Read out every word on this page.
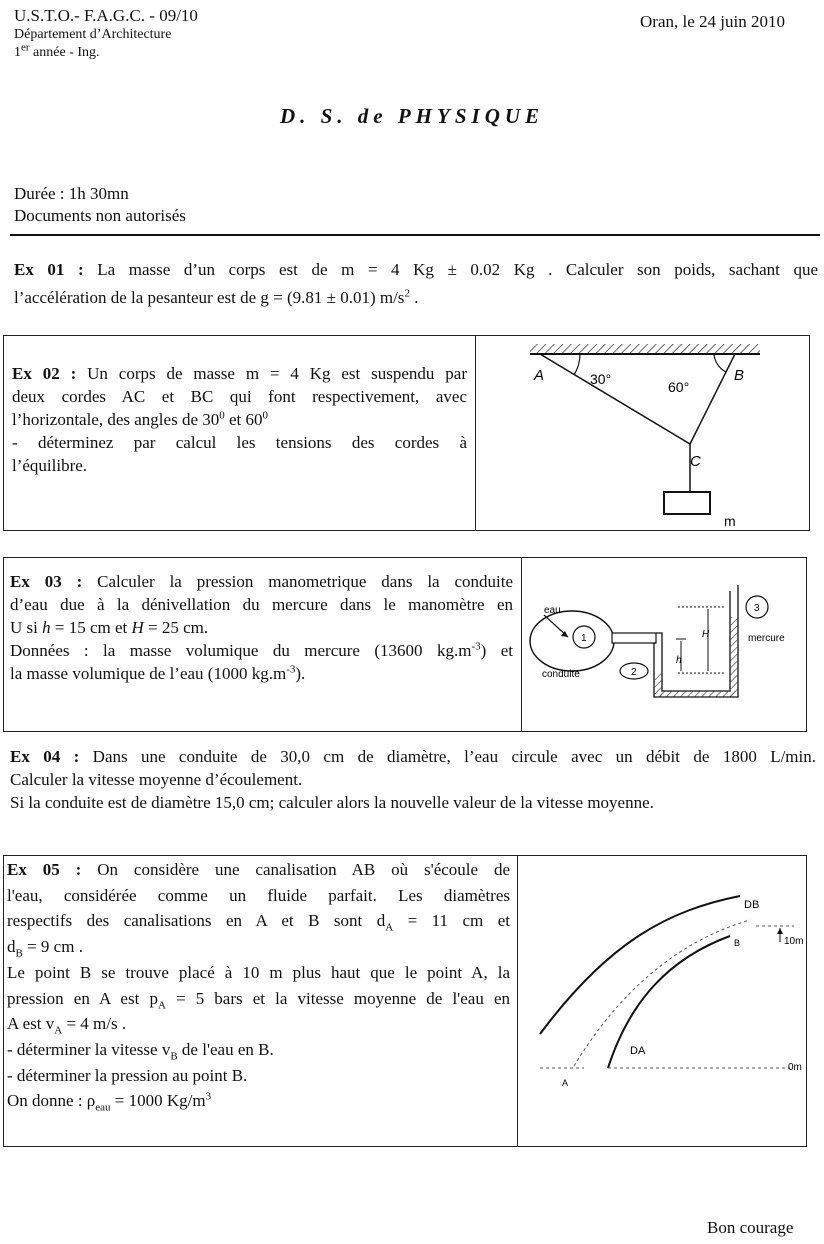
U.S.T.O.- F.A.G.C. - 09/10
Département d’Architecture
1er année - Ing.
Oran, le 24 juin 2010
D. S. de PHYSIQUE
Durée : 1h 30mn
Documents non autorisés
Ex 01 : La masse d’un corps est de m = 4 Kg ± 0.02 Kg . Calculer son poids, sachant que
l’accélération de la pesanteur est de g = (9.81 ± 0.01) $m/s^2$ .
Ex 02 : Un corps de masse m = 4 Kg est suspendu par
deux cordes AC et BC qui font respectivement, avec
l’horizontale, des angles de $30^0$ et $60^0$
- déterminez par calcul les tensions des cordes à
l’équilibre.
A	B
C
m
30°	60°
Ex 03 : Calculer la pression manometrique dans la conduite
d’eau due à la dénivellation du mercure dans le manomètre en
U si h = 15 cm et H = 25 cm.
Données : la masse volumique du mercure (13600 $kg.m^{-3}$) et
la masse volumique de l’eau (1000 $kg.m^{-3}$).
1
eau
conduite
H
h
3
mercure
2
Ex 04 : Dans une conduite de 30,0 cm de diamètre, l’eau circule avec un débit de 1800 L/min.
Calculer la vitesse moyenne d’écoulement.
Si la conduite est de diamètre 15,0 cm; calculer alors la nouvelle valeur de la vitesse moyenne.
Ex 05 : On considère une canalisation AB où s'écoule de
l'eau, considérée comme un fluide parfait. Les diamètres
respectifs des canalisations en A et B sont $d_A = 11$ cm et
$d_B = 9$ cm .
Le point B se trouve placé à 10 m plus haut que le point A, la
pression en A est $p_A = 5$ bars et la vitesse moyenne de l'eau en
A est $v_A = 4$ m/s .
- déterminer la vitesse $v_B$ de l'eau en B.
- déterminer la pression au point B.
On donne : $\rho_{eau} = 1000$ $Kg/m^3$
DB
B
DA
A
10m
0m
Bon courage
